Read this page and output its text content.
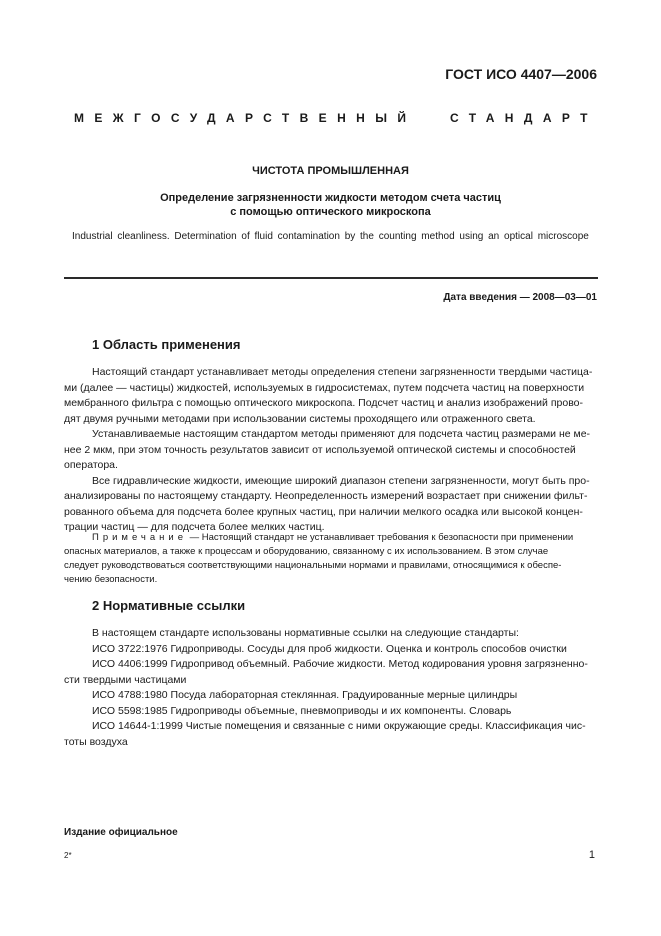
ГОСТ ИСО 4407—2006
МЕЖГОСУДАРСТВЕННЫЙ	СТАНДАРТ
ЧИСТОТА ПРОМЫШЛЕННАЯ
Определение загрязненности жидкости методом счета частиц
с помощью оптического микроскопа
Industrial cleanliness. Determination of fluid contamination by the counting method using an optical microscope
Дата введения — 2008—03—01
1 Область применения
Настоящий стандарт устанавливает методы определения степени загрязненности твердыми частица-
ми (далее — частицы) жидкостей, используемых в гидросистемах, путем подсчета частиц на поверхности
мембранного фильтра с помощью оптического микроскопа. Подсчет частиц и анализ изображений прово-
дят двумя ручными методами при использовании системы проходящего или отраженного света.
Устанавливаемые настоящим стандартом методы применяют для подсчета частиц размерами не ме-
нее 2 мкм, при этом точность результатов зависит от используемой оптической системы и способностей
оператора.
Все гидравлические жидкости, имеющие широкий диапазон степени загрязненности, могут быть про-
анализированы по настоящему стандарту. Неопределенность измерений возрастает при снижении фильт-
рованного объема для подсчета более крупных частиц, при наличии мелкого осадка или высокой концен-
трации частиц — для подсчета более мелких частиц.
Примечание — Настоящий стандарт не устанавливает требования к безопасности при применении
опасных материалов, а также к процессам и оборудованию, связанному с их использованием. В этом случае
следует руководствоваться соответствующими национальными нормами и правилами, относящимися к обеспе-
чению безопасности.
2 Нормативные ссылки
В настоящем стандарте использованы нормативные ссылки на следующие стандарты:
ИСО 3722:1976 Гидроприводы. Сосуды для проб жидкости. Оценка и контроль способов очистки
ИСО 4406:1999 Гидропривод объемный. Рабочие жидкости. Метод кодирования уровня загрязненно-
сти твердыми частицами
ИСО 4788:1980 Посуда лабораторная стеклянная. Градуированные мерные цилиндры
ИСО 5598:1985 Гидроприводы объемные, пневмоприводы и их компоненты. Словарь
ИСО 14644-1:1999 Чистые помещения и связанные с ними окружающие среды. Классификация чис-
тоты воздуха
Издание официальное
2*	1
